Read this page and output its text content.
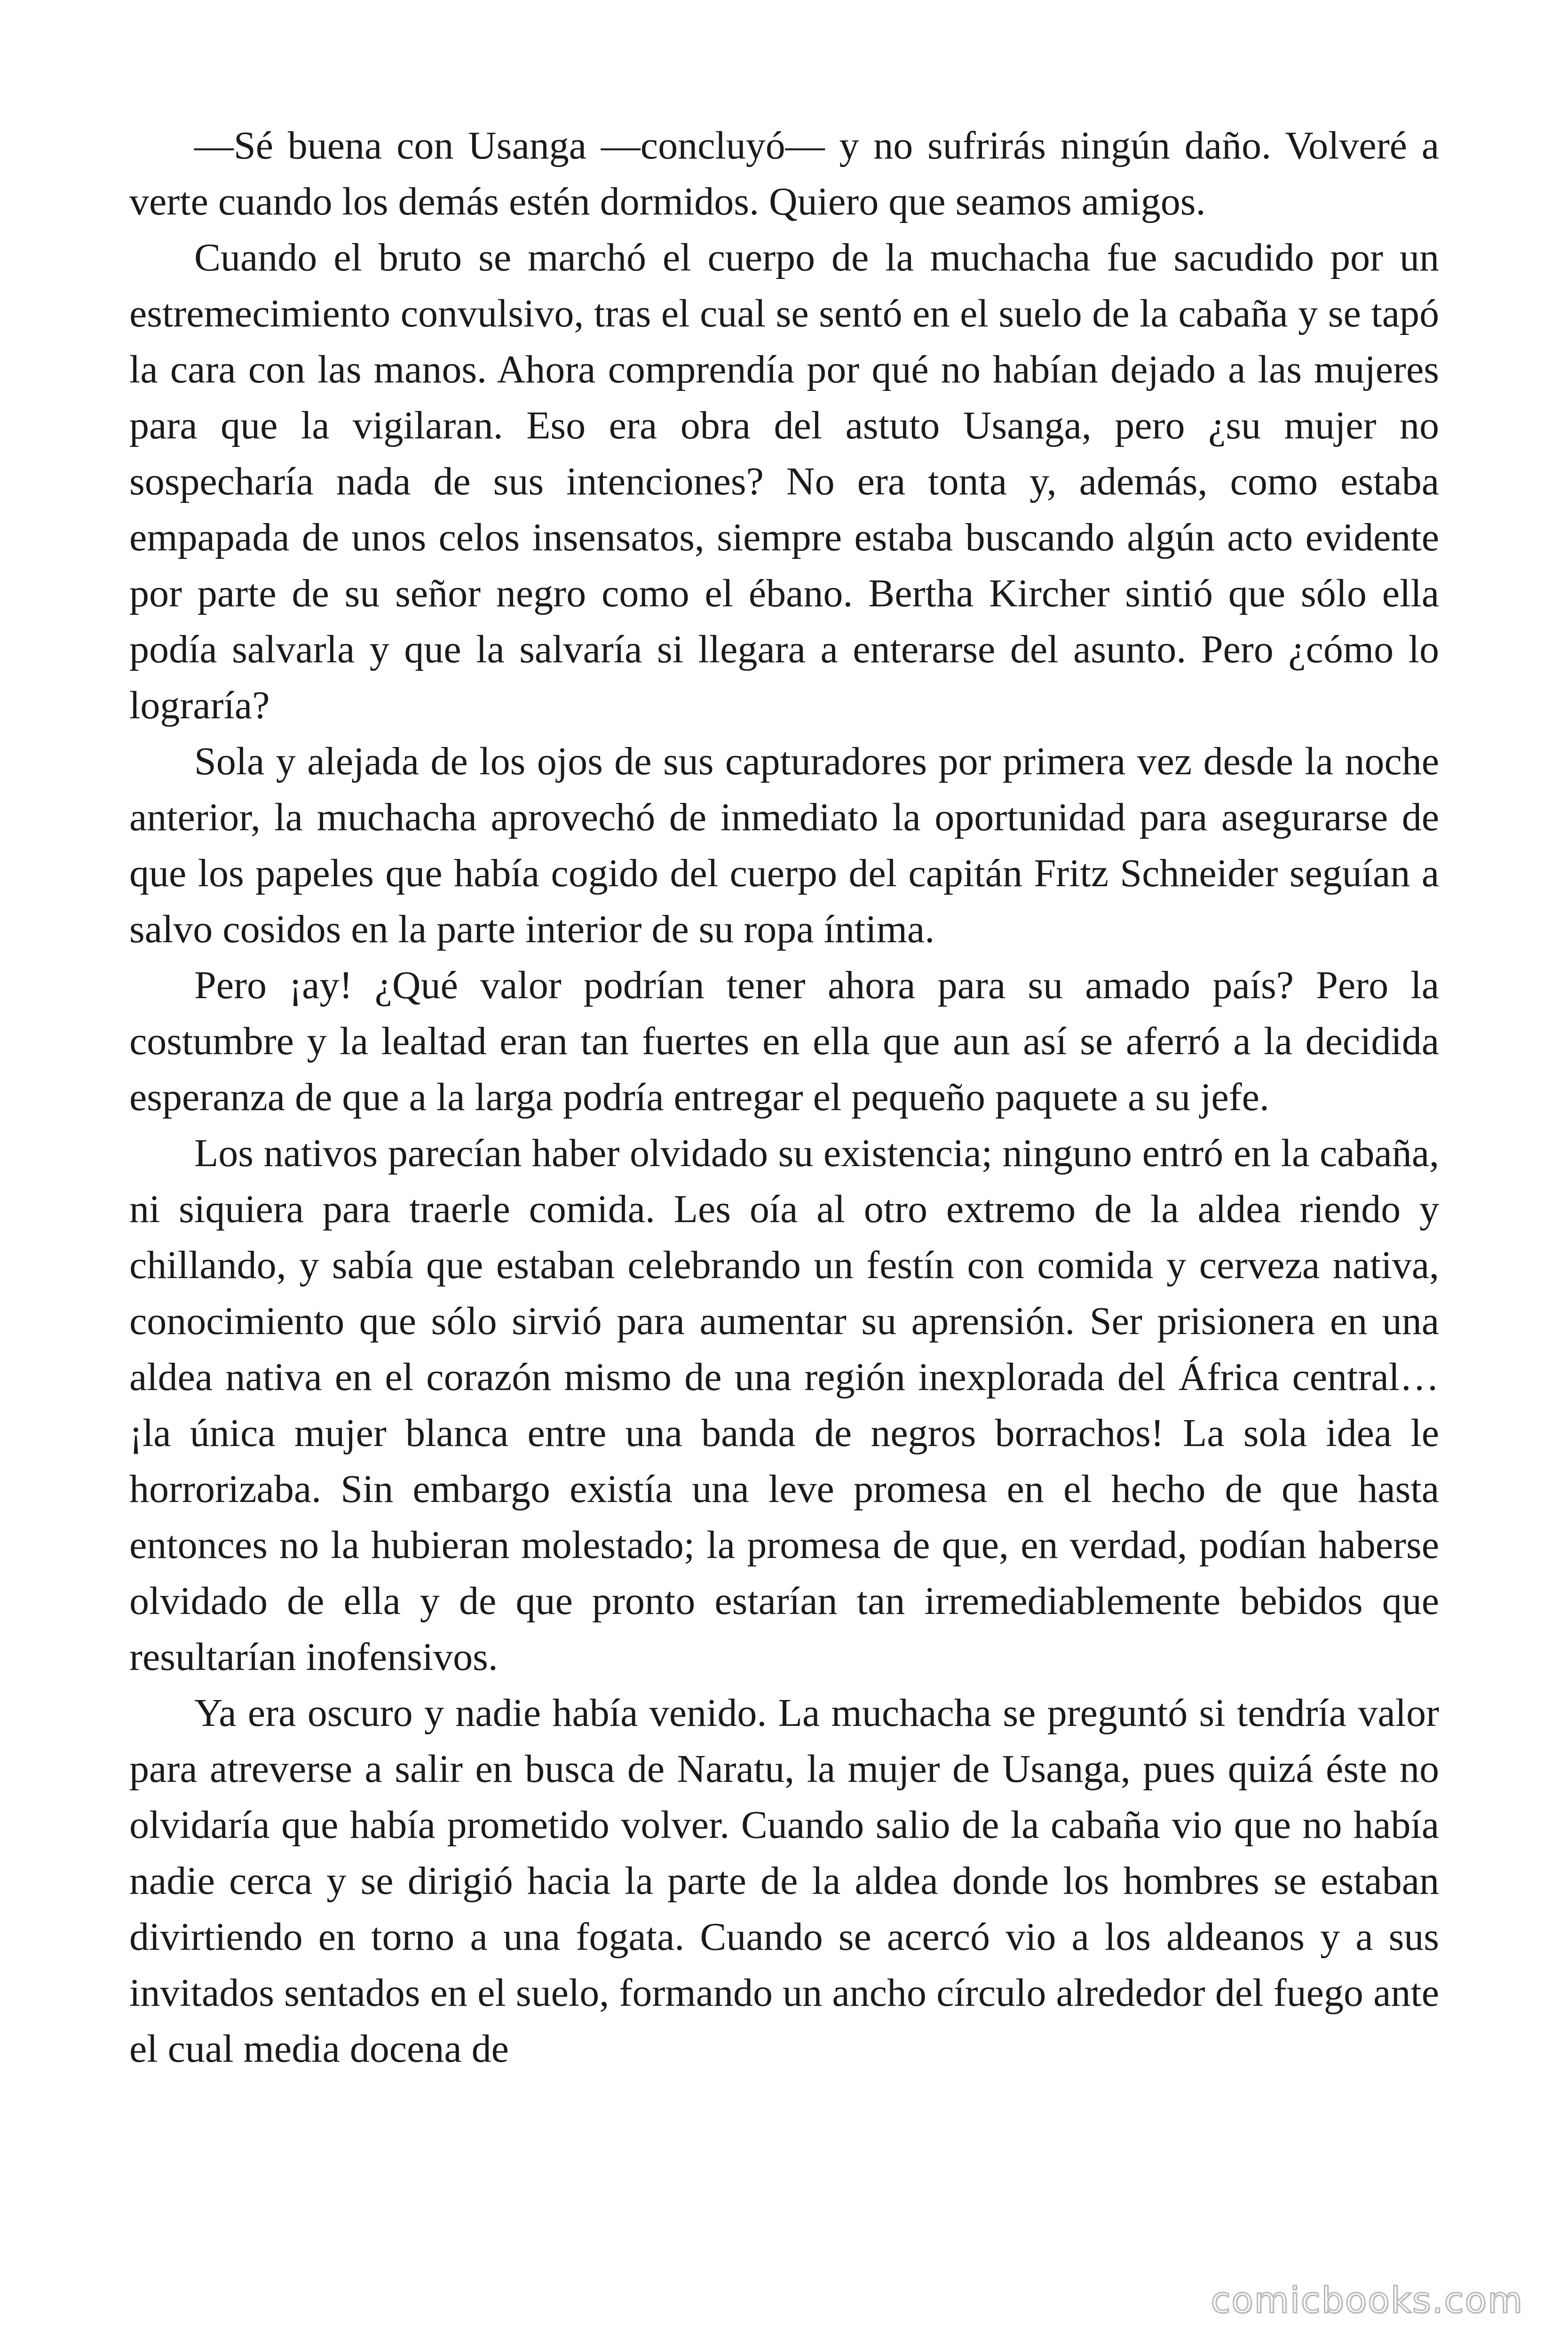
—Sé buena con Usanga —concluyó— y no sufrirás ningún daño. Volveré a verte cuando los demás estén dormidos. Quiero que seamos amigos.

Cuando el bruto se marchó el cuerpo de la muchacha fue sacudido por un estremecimiento convulsivo, tras el cual se sentó en el suelo de la cabaña y se tapó la cara con las manos. Ahora comprendía por qué no habían dejado a las mujeres para que la vigilaran. Eso era obra del astuto Usanga, pero ¿su mujer no sospecharía nada de sus intenciones? No era tonta y, además, como estaba empapada de unos celos insensatos, siempre estaba buscando algún acto evidente por parte de su señor negro como el ébano. Bertha Kircher sintió que sólo ella podía salvarla y que la salvaría si llegara a enterarse del asunto. Pero ¿cómo lo lograría?

Sola y alejada de los ojos de sus capturadores por primera vez desde la noche anterior, la muchacha aprovechó de inmediato la oportunidad para asegurarse de que los papeles que había cogido del cuerpo del capitán Fritz Schneider seguían a salvo cosidos en la parte interior de su ropa íntima.

Pero ¡ay! ¿Qué valor podrían tener ahora para su amado país? Pero la costumbre y la lealtad eran tan fuertes en ella que aun así se aferró a la decidida esperanza de que a la larga podría entregar el pequeño paquete a su jefe.

Los nativos parecían haber olvidado su existencia; ninguno entró en la cabaña, ni siquiera para traerle comida. Les oía al otro extremo de la aldea riendo y chillando, y sabía que estaban celebrando un festín con comida y cerveza nativa, conocimiento que sólo sirvió para aumentar su aprensión. Ser prisionera en una aldea nativa en el corazón mismo de una región inexplorada del África central… ¡la única mujer blanca entre una banda de negros borrachos! La sola idea le horrorizaba. Sin embargo existía una leve promesa en el hecho de que hasta entonces no la hubieran molestado; la promesa de que, en verdad, podían haberse olvidado de ella y de que pronto estarían tan irremediablemente bebidos que resultarían inofensivos.

Ya era oscuro y nadie había venido. La muchacha se preguntó si tendría valor para atreverse a salir en busca de Naratu, la mujer de Usanga, pues quizá éste no olvidaría que había prometido volver. Cuando salio de la cabaña vio que no había nadie cerca y se dirigió hacia la parte de la aldea donde los hombres se estaban divirtiendo en torno a una fogata. Cuando se acercó vio a los aldeanos y a sus invitados sentados en el suelo, formando un ancho círculo alrededor del fuego ante el cual media docena de

comicbooks.com
